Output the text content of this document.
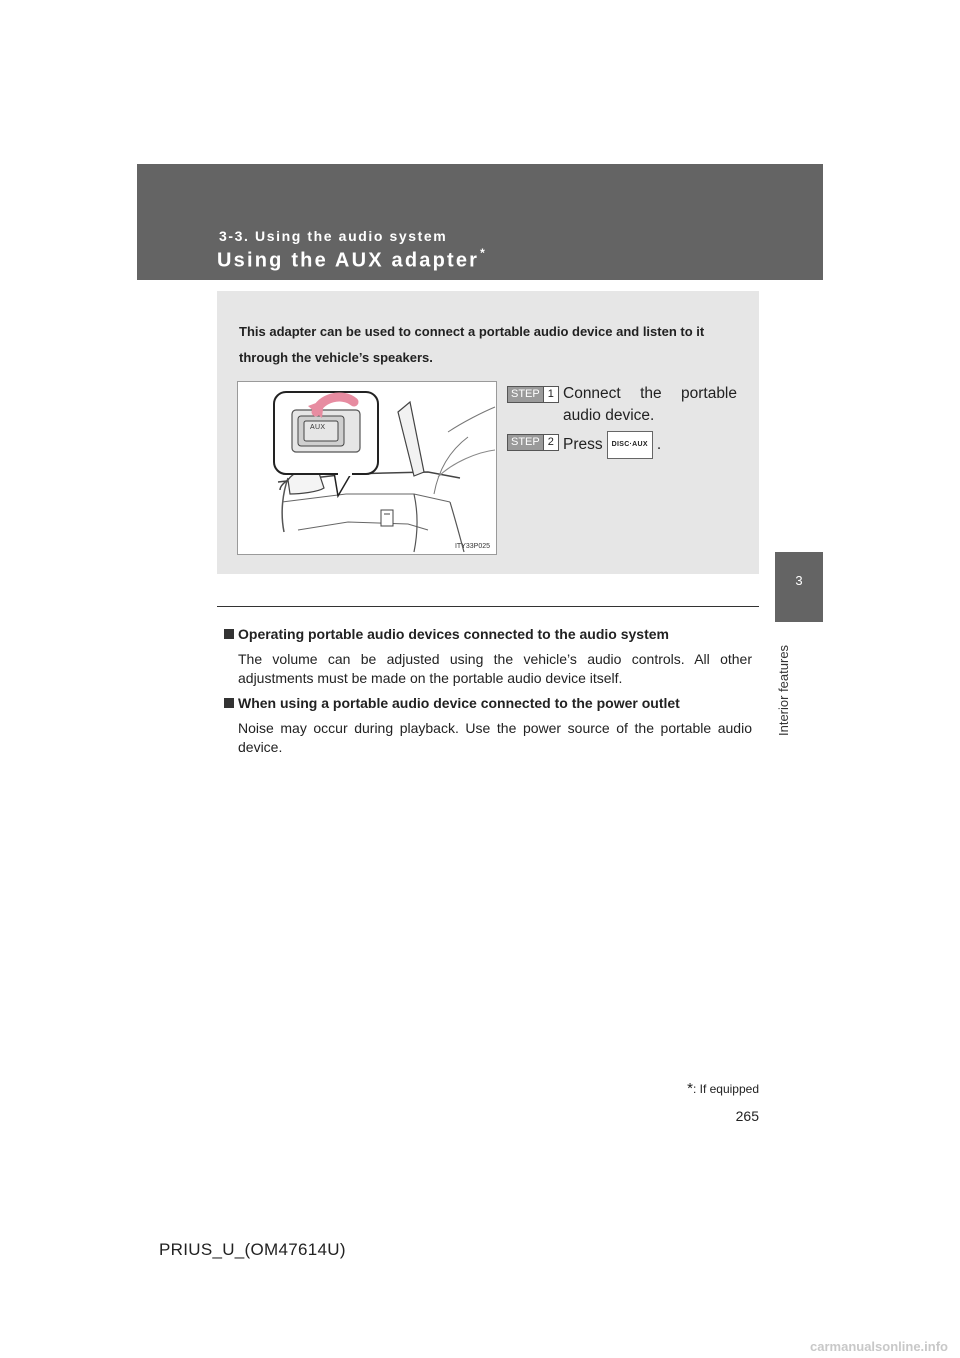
3-3. Using the audio system
Using the AUX adapter*
3
Interior features
This adapter can be used to connect a portable audio device and listen to it through the vehicle’s speakers.
AUX
ITY33P025
STEP 1 Connect the portable
audio device.
STEP 2 Press DISC·AUX .
Operating portable audio devices connected to the audio system
The volume can be adjusted using the vehicle’s audio controls. All other adjustments must be made on the portable audio device itself.
When using a portable audio device connected to the power outlet
Noise may occur during playback. Use the power source of the portable audio device.
*: If equipped
265
PRIUS_U_(OM47614U)
carmanualsonline.info
